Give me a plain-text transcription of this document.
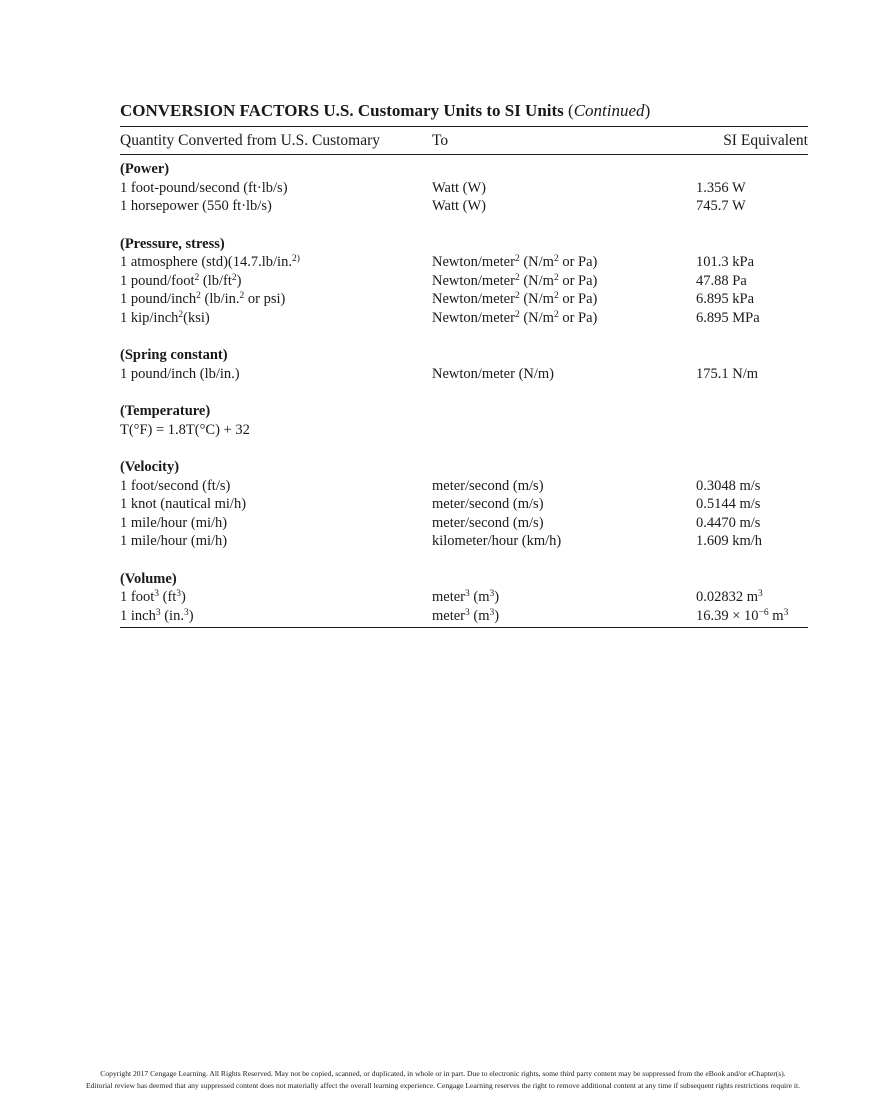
CONVERSION FACTORS U.S. Customary Units to SI Units (Continued)
Quantity Converted from U.S. Customary	To	SI Equivalent
(Power)
1 foot-pound/second (ft·lb/s)	Watt (W)	1.356 W
1 horsepower (550 ft·lb/s)	Watt (W)	745.7 W
(Pressure, stress)
1 atmosphere (std)(14.7.lb/in.$^{2)}$	Newton/meter$^2$ ($N/m^2$ or Pa)	101.3 kPa
1 pound/foot$^2$ $(lb/ft^2)$	Newton/meter$^2$ ($N/m^2$ or Pa)	47.88 Pa
1 pound/inch$^2$ (lb/in.$^2$ or psi)	Newton/meter$^2$ ($N/m^2$ or Pa)	6.895 kPa
1 kip/inch$^2$(ksi)	Newton/meter$^2$ ($N/m^2$ or Pa)	6.895 MPa
(Spring constant)
1 pound/inch (lb/in.)	Newton/meter (N/m)	175.1 N/m
(Temperature)
T(°F) = 1.8T(°C) + 32
(Velocity)
1 foot/second (ft/s)	meter/second (m/s)	0.3048 m/s
1 knot (nautical mi/h)	meter/second (m/s)	0.5144 m/s
1 mile/hour (mi/h)	meter/second (m/s)	0.4470 m/s
1 mile/hour (mi/h)	kilometer/hour (km/h)	1.609 km/h
(Volume)
1 foot$^3$ $(ft^3)$	meter$^3$ $(m^3)$	0.02832 $m^3$
1 inch$^3$ (in.$^3$)	meter$^3$ $(m^3)$	$16.39 \times 10^{-6}$ $m^3$
Copyright 2017 Cengage Learning. All Rights Reserved. May not be copied, scanned, or duplicated, in whole or in part. Due to electronic rights, some third party content may be suppressed from the eBook and/or eChapter(s).
Editorial review has deemed that any suppressed content does not materially affect the overall learning experience. Cengage Learning reserves the right to remove additional content at any time if subsequent rights restrictions require it.
